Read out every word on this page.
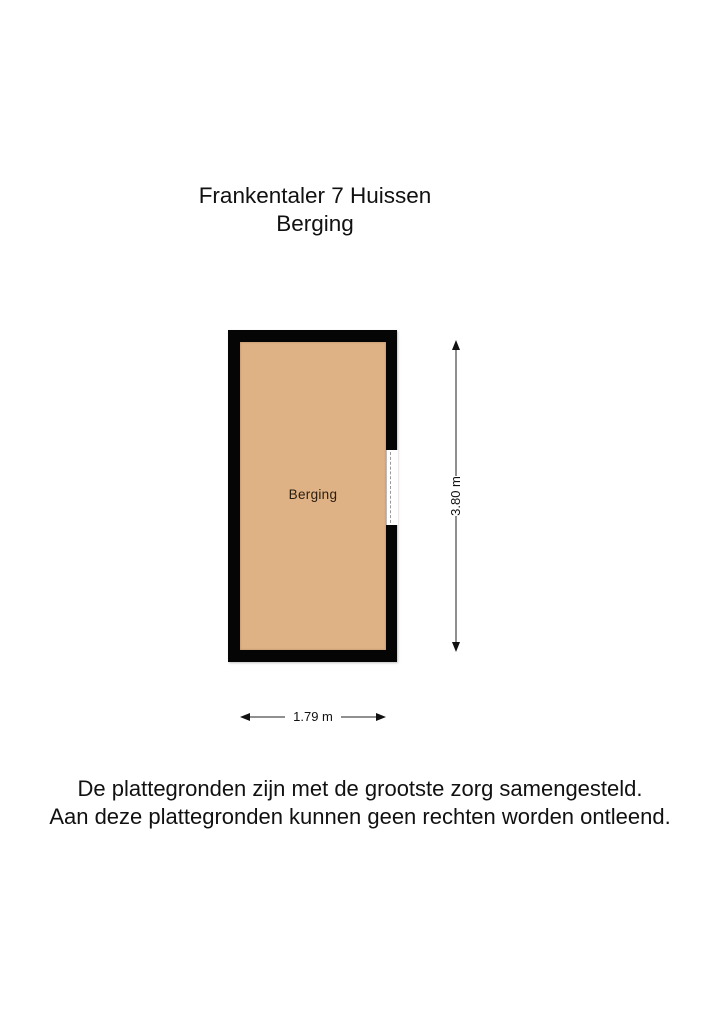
Frankentaler 7 Huissen
Berging
Berging	3.80 m
1.79 m
De plattegronden zijn met de grootste zorg samengesteld.
Aan deze plattegronden kunnen geen rechten worden ontleend.
